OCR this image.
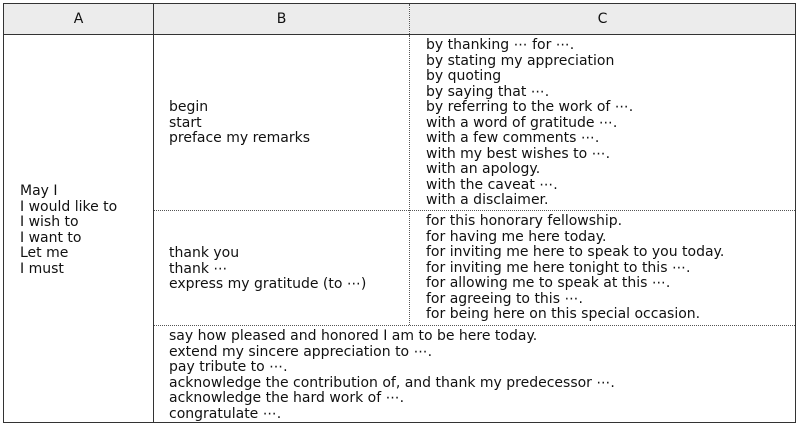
A	B	C
May I
I would like to
I wish to
I want to
Let me
I must
begin
start
preface my remarks
by thanking ⋯ for ⋯.
by stating my appreciation
by quoting
by saying that ⋯.
by referring to the work of ⋯.
with a word of gratitude ⋯.
with a few comments ⋯.
with my best wishes to ⋯.
with an apology.
with the caveat ⋯.
with a disclaimer.
thank you
thank ⋯
express my gratitude (to ⋯)
for this honorary fellowship.
for having me here today.
for inviting me here to speak to you today.
for inviting me here tonight to this ⋯.
for allowing me to speak at this ⋯.
for agreeing to this ⋯.
for being here on this special occasion.
say how pleased and honored I am to be here today.
extend my sincere appreciation to ⋯.
pay tribute to ⋯.
acknowledge the contribution of, and thank my predecessor ⋯.
acknowledge the hard work of ⋯.
congratulate ⋯.
